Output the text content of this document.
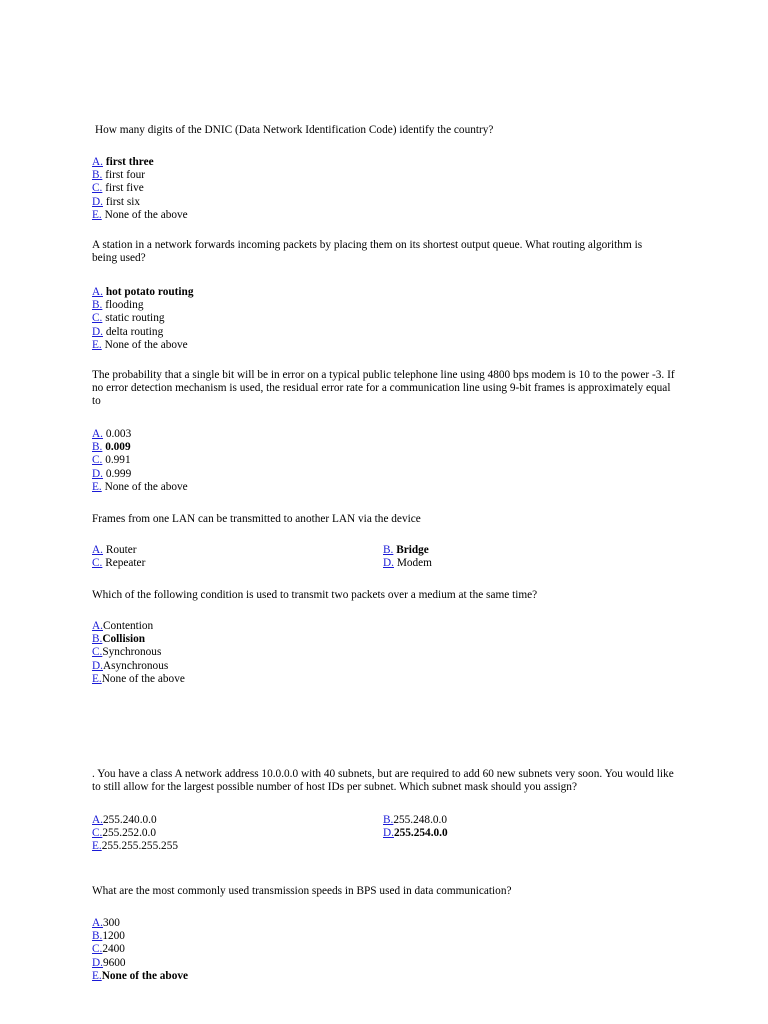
How many digits of the DNIC (Data Network Identification Code) identify the country?

A. first three
B. first four
C. first five
D. first six
E. None of the above

A station in a network forwards incoming packets by placing them on its shortest output queue. What routing algorithm is being used?

A. hot potato routing
B. flooding
C. static routing
D. delta routing
E. None of the above

The probability that a single bit will be in error on a typical public telephone line using 4800 bps modem is 10 to the power -3. If no error detection mechanism is used, the residual error rate for a communication line using 9-bit frames is approximately equal to

A. 0.003
B. 0.009
C. 0.991
D. 0.999
E. None of the above

Frames from one LAN can be transmitted to another LAN via the device

A. Router	B. Bridge
C. Repeater	D. Modem

Which of the following condition is used to transmit two packets over a medium at the same time?

A.Contention
B.Collision
C.Synchronous
D.Asynchronous
E.None of the above

. You have a class A network address 10.0.0.0 with 40 subnets, but are required to add 60 new subnets very soon. You would like to still allow for the largest possible number of host IDs per subnet. Which subnet mask should you assign?

A.255.240.0.0	B.255.248.0.0
C.255.252.0.0	D.255.254.0.0
E.255.255.255.255

What are the most commonly used transmission speeds in BPS used in data communication?

A.300
B.1200
C.2400
D.9600
E.None of the above
